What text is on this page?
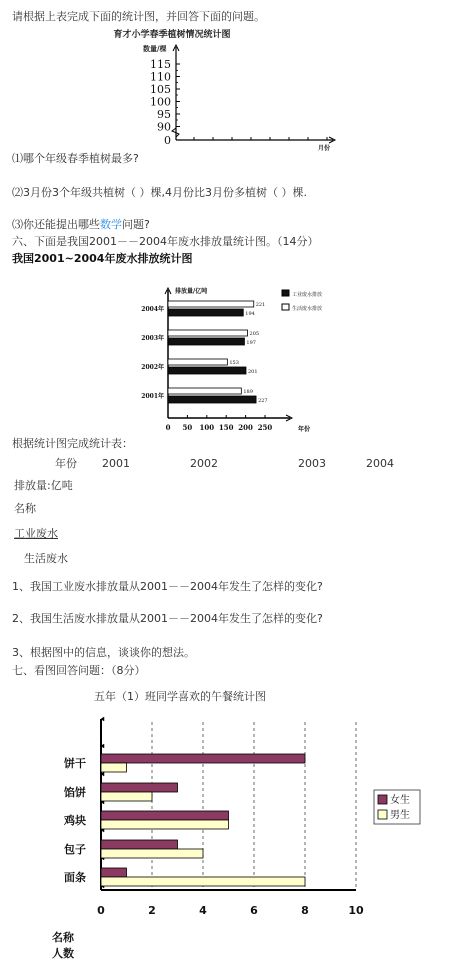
请根据上表完成下面的统计图，并回答下面的问题。
⑴哪个年级春季植树最多?
⑵3月份3个年级共植树（ ）棵,4月份比3月份多植树（ ）棵.
⑶你还能提出哪些数学问题?
六、下面是我国2001－－2004年废水排放量统计图。（14分）
我国2001~2004年废水排放统计图
根据统计图完成统计表：
年份 2001	2002	2003	2004
排放量:亿吨
名称
工业废水
生活废水
1、我国工业废水排放量从2001－－2004年发生了怎样的变化?
2、我国生活废水排放量从2001－－2004年发生了怎样的变化?
3、根据图中的信息，谈谈你的想法。
七、看图回答问题：（8分）
育才小学春季植树情况统计图
数量/棵
月份
0
90
95
100
105
110
115
排放量/亿吨
年份
0 50 100 150 200 250
工业废水排放
生活废水排放
2004年
221
194
2003年
205
197
2002年
153
201
2001年
189
227
五年（1）班同学喜欢的午餐统计图
0	2	4	6	8	10
名称
人数
饼干
馅饼
鸡块
包子
面条
女生
男生
